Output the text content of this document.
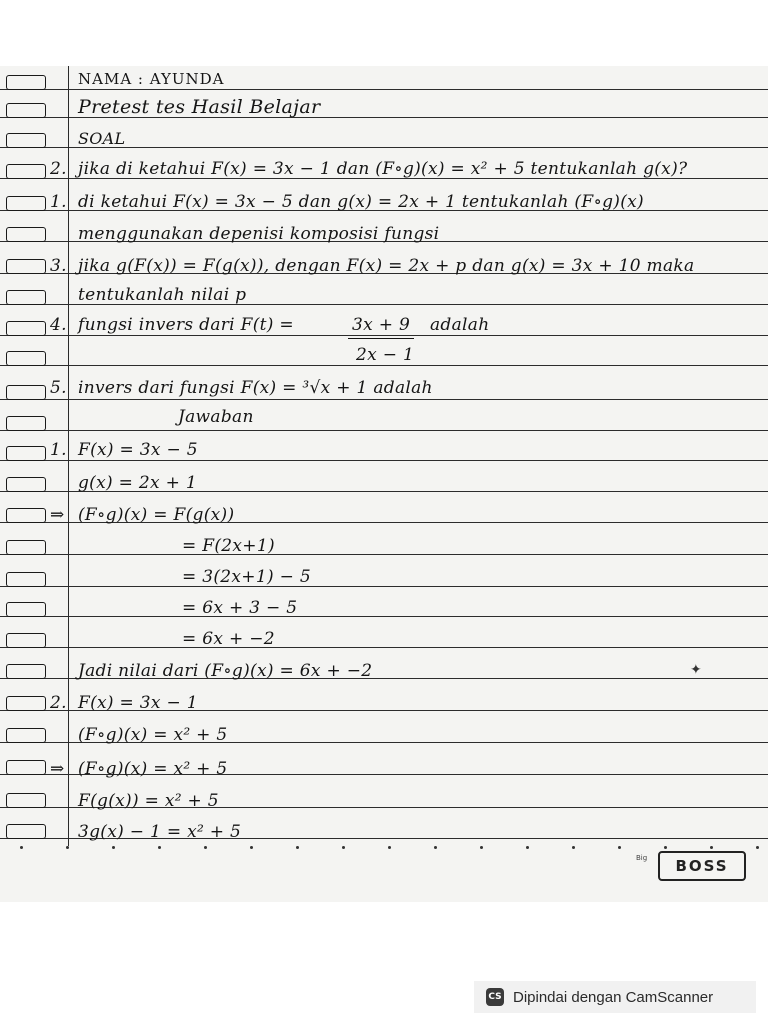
NAMA : AYUNDA
Pretest tes Hasil Belajar
SOAL
2. jika di ketahui F(x) = 3x − 1 dan (F∘g)(x) = x² + 5 tentukanlah g(x)?
1. di ketahui F(x) = 3x − 5 dan g(x) = 2x + 1 tentukanlah (F∘g)(x)
menggunakan depenisi komposisi fungsi
3. jika g(F(x)) = F(g(x)), dengan F(x) = 2x + p dan g(x) = 3x + 10 maka
tentukanlah nilai p
4. fungsi invers dari F(t) =	3x + 9 adalah
2x − 1
5. invers dari fungsi F(x) = ³√x + 1 adalah
Jawaban
1. F(x) = 3x − 5
g(x) = 2x + 1
⇒ (F∘g)(x) = F(g(x))
= F(2x+1)
= 3(2x+1) − 5
= 6x + 3 − 5
= 6x + −2
Jadi nilai dari (F∘g)(x) = 6x + −2
2. F(x) = 3x − 1
(F∘g)(x) = x² + 5
⇒ (F∘g)(x) = x² + 5
F(g(x)) = x² + 5
3g(x) − 1 = x² + 5
✦
Big	BOSS
CS Dipindai dengan CamScanner
